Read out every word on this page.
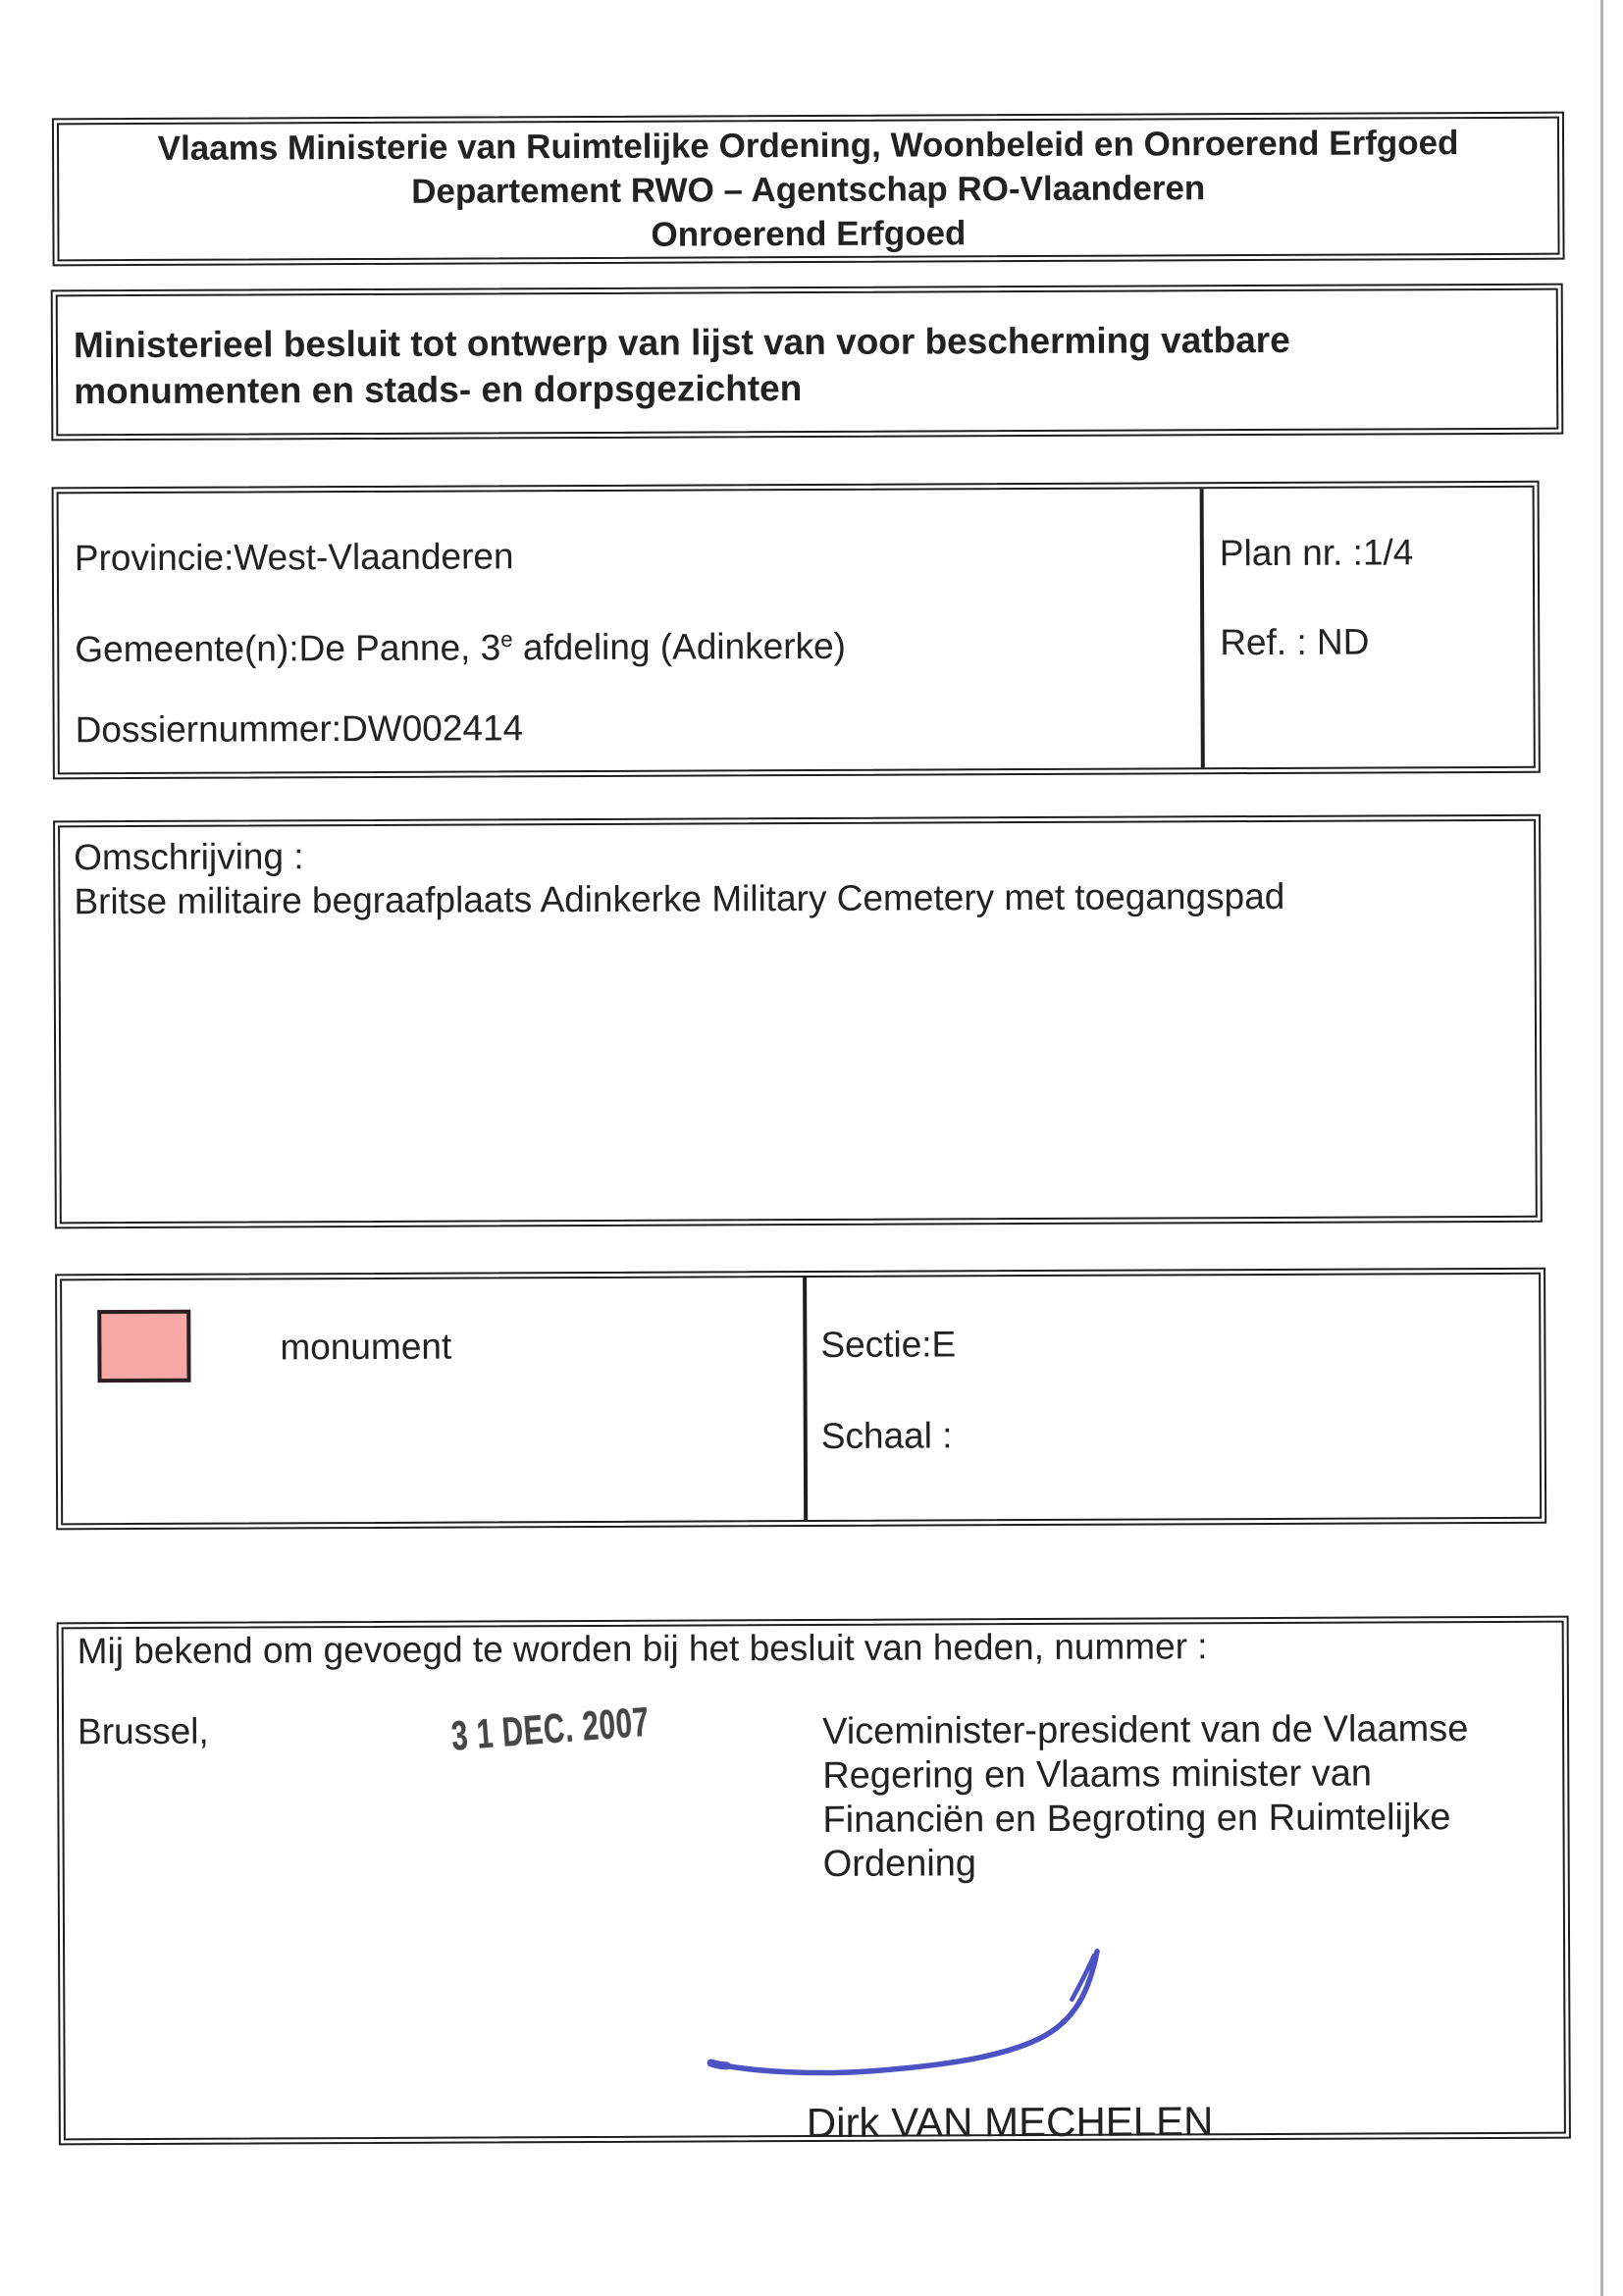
Vlaams Ministerie van Ruimtelijke Ordening, Woonbeleid en Onroerend Erfgoed
Departement RWO – Agentschap RO-Vlaanderen
Onroerend Erfgoed
Ministerieel besluit tot ontwerp van lijst van voor bescherming vatbare
monumenten en stads- en dorpsgezichten
Provincie:West-Vlaanderen
Gemeente(n):De Panne, 3e afdeling (Adinkerke)
Dossiernummer:DW002414
Plan nr. :1/4
Ref. : ND
Omschrijving :
Britse militaire begraafplaats Adinkerke Military Cemetery met toegangspad
monument	Sectie:E
Schaal :
Mij bekend om gevoegd te worden bij het besluit van heden, nummer :
Brussel,	3 1 DEC. 2007	Viceminister-president van de Vlaamse
Regering en Vlaams minister van
Financiën en Begroting en Ruimtelijke
Ordening
Dirk VAN MECHELEN
